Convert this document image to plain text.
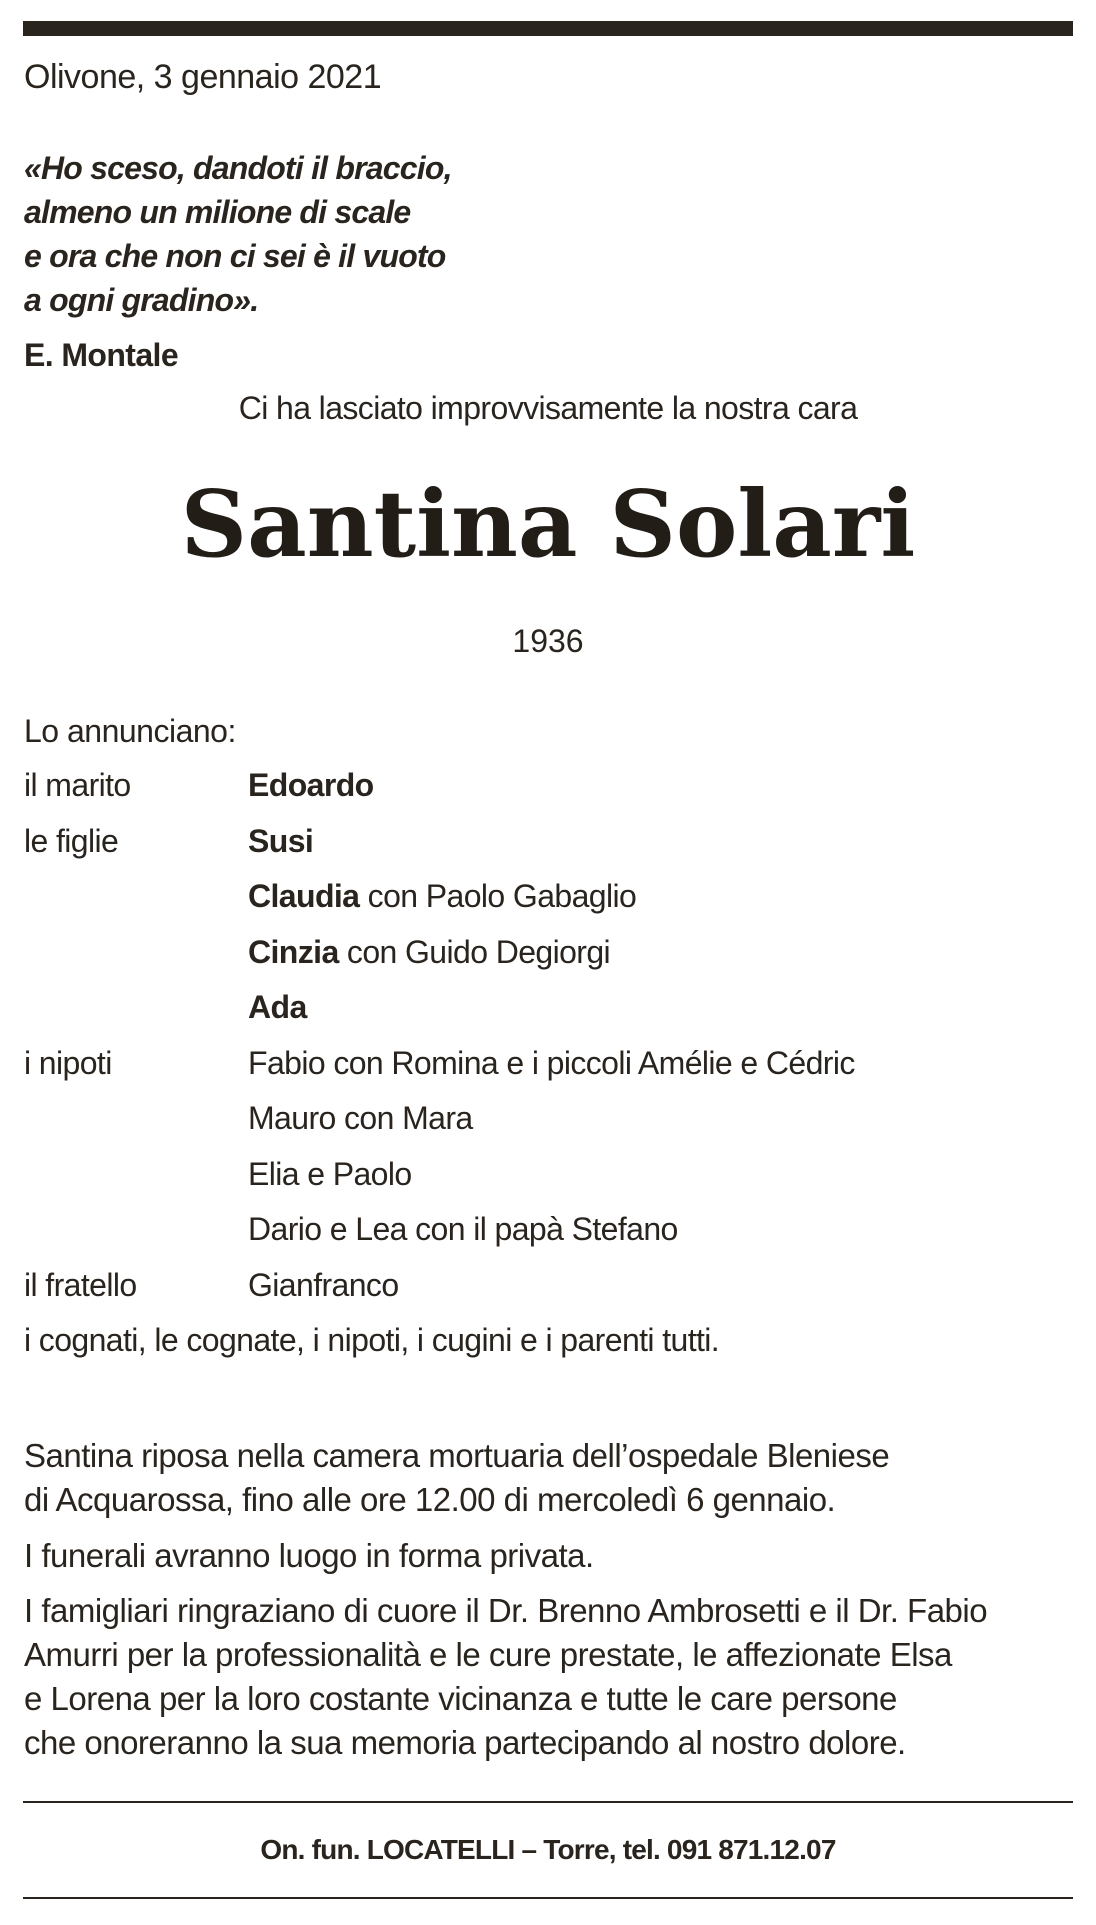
Olivone, 3 gennaio 2021
«Ho sceso, dandoti il braccio,
almeno un milione di scale
e ora che non ci sei è il vuoto
a ogni gradino».
E. Montale
Ci ha lasciato improvvisamente la nostra cara
Santina Solari
1936
Lo annunciano:
il marito	Edoardo
le figlie	Susi
Claudia con Paolo Gabaglio
Cinzia con Guido Degiorgi
Ada
i nipoti	Fabio con Romina e i piccoli Amélie e Cédric
Mauro con Mara
Elia e Paolo
Dario e Lea con il papà Stefano
il fratello	Gianfranco
i cognati, le cognate, i nipoti, i cugini e i parenti tutti.
Santina riposa nella camera mortuaria dell’ospedale Bleniese
di Acquarossa, fino alle ore 12.00 di mercoledì 6 gennaio.
I funerali avranno luogo in forma privata.
I famigliari ringraziano di cuore il Dr. Brenno Ambrosetti e il Dr. Fabio
Amurri per la professionalità e le cure prestate, le affezionate Elsa
e Lorena per la loro costante vicinanza e tutte le care persone
che onoreranno la sua memoria partecipando al nostro dolore.
On. fun. LOCATELLI – Torre, tel. 091 871.12.07
